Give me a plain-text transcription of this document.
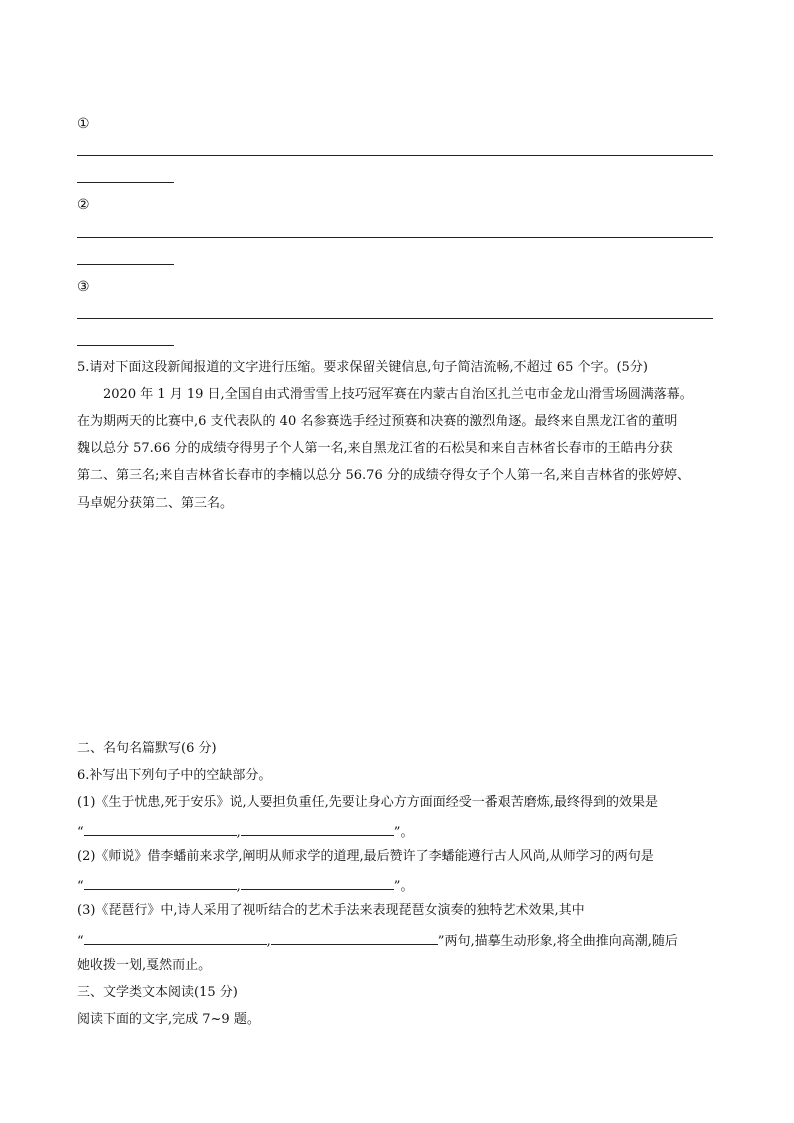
①
②
③
5.请对下面这段新闻报道的文字进行压缩。要求保留关键信息,句子简洁流畅,不超过 65 个字。(5分)
2020 年 1 月 19 日,全国自由式滑雪雪上技巧冠军赛在内蒙古自治区扎兰屯市金龙山滑雪场圆满落幕。
在为期两天的比赛中,6 支代表队的 40 名参赛选手经过预赛和决赛的激烈角逐。最终来自黑龙江省的董明
魏以总分 57.66 分的成绩夺得男子个人第一名,来自黑龙江省的石松昊和来自吉林省长春市的王皓冉分获
第二、第三名;来自吉林省长春市的李楠以总分 56.76 分的成绩夺得女子个人第一名,来自吉林省的张婷婷、
马卓妮分获第二、第三名。
二、名句名篇默写(6 分)
6.补写出下列句子中的空缺部分。
(1)《生于忧患,死于安乐》说,人要担负重任,先要让身心方方面面经受一番艰苦磨炼,最终得到的效果是
“	,	”。
(2)《师说》借李蟠前来求学,阐明从师求学的道理,最后赞许了李蟠能遵行古人风尚,从师学习的两句是
“	,	”。
(3)《琵琶行》中,诗人采用了视听结合的艺术手法来表现琵琶女演奏的独特艺术效果,其中
“	,	”两句,描摹生动形象,将全曲推向高潮,随后
她收拨一划,戛然而止。
三、文学类文本阅读(15 分)
阅读下面的文字,完成 7~9 题。
